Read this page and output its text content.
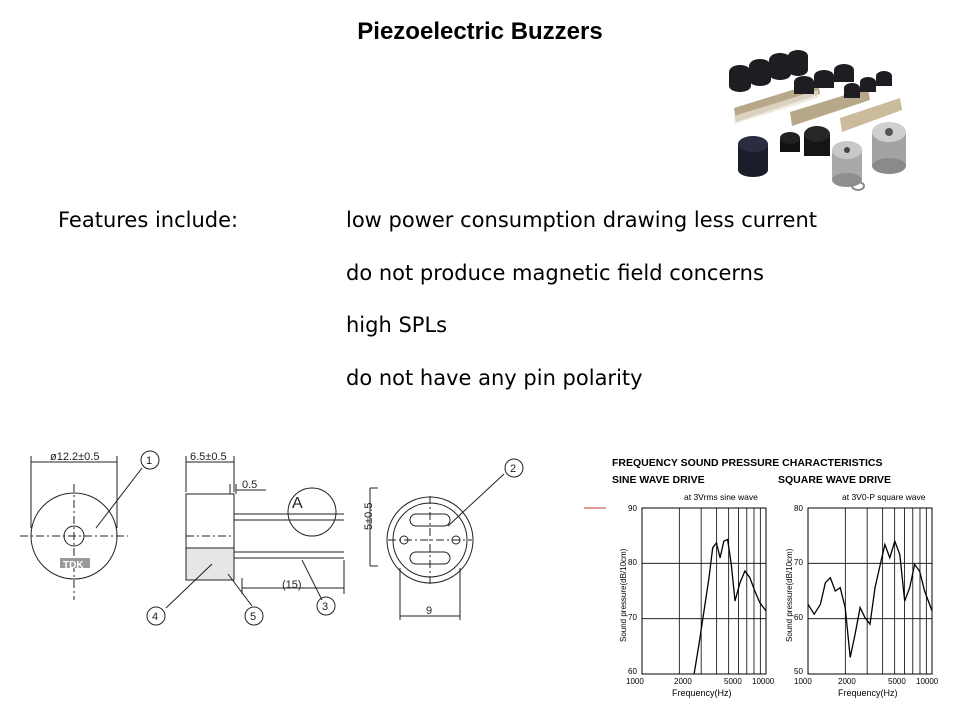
Piezoelectric Buzzers
Features include:	low power consumption drawing less current
do not produce magnetic field concerns
high SPLs
do not have any pin polarity
ø12.2±0.5	6.5±0.5
0.5
(15)
9
5±0.5
A
TDK
1
4	5
3
2	FREQUENCY SOUND PRESSURE CHARACTERISTICS
SINE WAVE DRIVE	SQUARE WAVE DRIVE
at 3Vrms sine wave	at 3V0-P square wave
1000	2000	5000 10000 1000	2000	5000 10000
90
80
70
60
80
70
60
50
Frequency(Hz)	Frequency(Hz)
Sound pressure(dB/10cm)	Sound pressure(dB/10cm)
